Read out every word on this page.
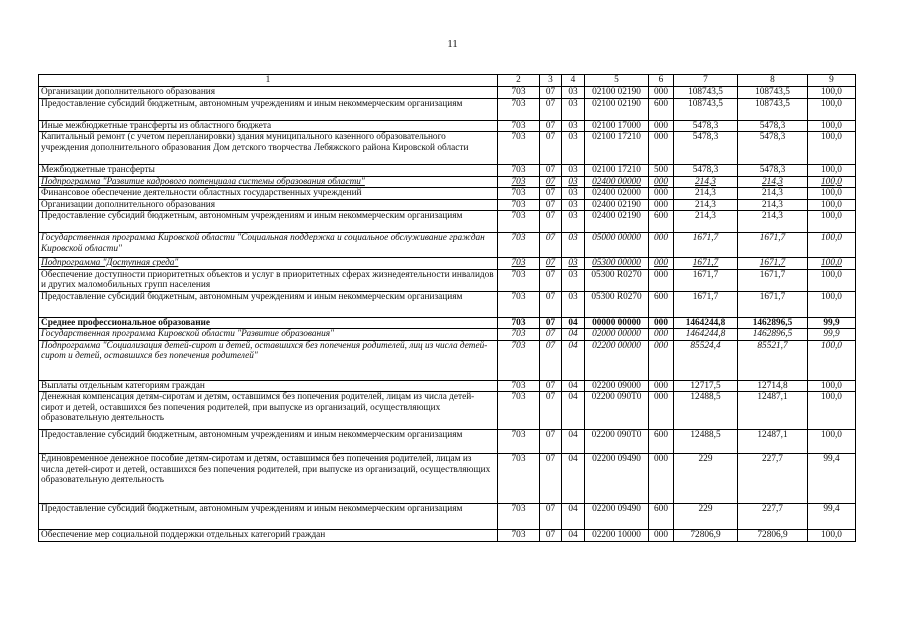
11
1	2	3	4	5	6	7	8	9
Организации дополнительного образования	703	07	03	02100 02190	000	108743,5	108743,5	100,0
Предоставление субсидий бюджетным, автономным учреждениям и иным некоммерческим организациям	703	07	03	02100 02190	600	108743,5	108743,5	100,0
Иные межбюджетные трансферты из областного бюджета	703	07	03	02100 17000	000	5478,3	5478,3	100,0
Капитальный ремонт (с учетом перепланировки) здания муниципального казенного образовательного учреждения дополнительного образования Дом детского творчества Лебяжского района Кировской области	703	07	03	02100 17210	000	5478,3	5478,3	100,0
Межбюджетные трансферты	703	07	03	02100 17210	500	5478,3	5478,3	100,0
Подпрограмма "Развитие кадрового потенциала системы образования области"	703	07	03	02400 00000	000	214,3	214,3	100,0
Финансовое обеспечение деятельности областных государственных учреждений	703	07	03	02400 02000	000	214,3	214,3	100,0
Организации дополнительного образования	703	07	03	02400 02190	000	214,3	214,3	100,0
Предоставление субсидий бюджетным, автономным учреждениям и иным некоммерческим организациям	703	07	03	02400 02190	600	214,3	214,3	100,0
Государственная программа Кировской области "Социальная поддержка и социальное обслуживание граждан Кировской области"	703	07	03	05000 00000	000	1671,7	1671,7	100,0
Подпрограмма "Доступная среда"	703	07	03	05300 00000	000	1671,7	1671,7	100,0
Обеспечение доступности приоритетных объектов и услуг в приоритетных сферах жизнедеятельности инвалидов и других маломобильных групп населения	703	07	03	05300 R0270	000	1671,7	1671,7	100,0
Предоставление субсидий бюджетным, автономным учреждениям и иным некоммерческим организациям	703	07	03	05300 R0270	600	1671,7	1671,7	100,0
Среднее профессиональное образование	703	07	04	00000 00000	000	1464244,8	1462896,5	99,9
Государственная программа Кировской области "Развитие образования"	703	07	04	02000 00000	000	1464244,8	1462896,5	99,9
Подпрограмма "Социализация детей-сирот и детей, оставшихся без попечения родителей, лиц из числа детей-сирот и детей, оставшихся без попечения родителей"	703	07	04	02200 00000	000	85524,4	85521,7	100,0
Выплаты отдельным категориям граждан	703	07	04	02200 09000	000	12717,5	12714,8	100,0
Денежная компенсация детям-сиротам и детям, оставшимся без попечения родителей, лицам из числа детей-сирот и детей, оставшихся без попечения родителей, при выпуске из организаций, осуществляющих образовательную деятельность	703	07	04	02200 090Т0	000	12488,5	12487,1	100,0
Предоставление субсидий бюджетным, автономным учреждениям и иным некоммерческим организациям	703	07	04	02200 090Т0	600	12488,5	12487,1	100,0
Единовременное денежное пособие детям-сиротам и детям, оставшимся без попечения родителей, лицам из числа детей-сирот и детей, оставшихся без попечения родителей, при выпуске из организаций, осуществляющих образовательную деятельность	703	07	04	02200 09490	000	229	227,7	99,4
Предоставление субсидий бюджетным, автономным учреждениям и иным некоммерческим организациям	703	07	04	02200 09490	600	229	227,7	99,4
Обеспечение мер социальной поддержки отдельных категорий граждан	703	07	04	02200 10000	000	72806,9	72806,9	100,0
